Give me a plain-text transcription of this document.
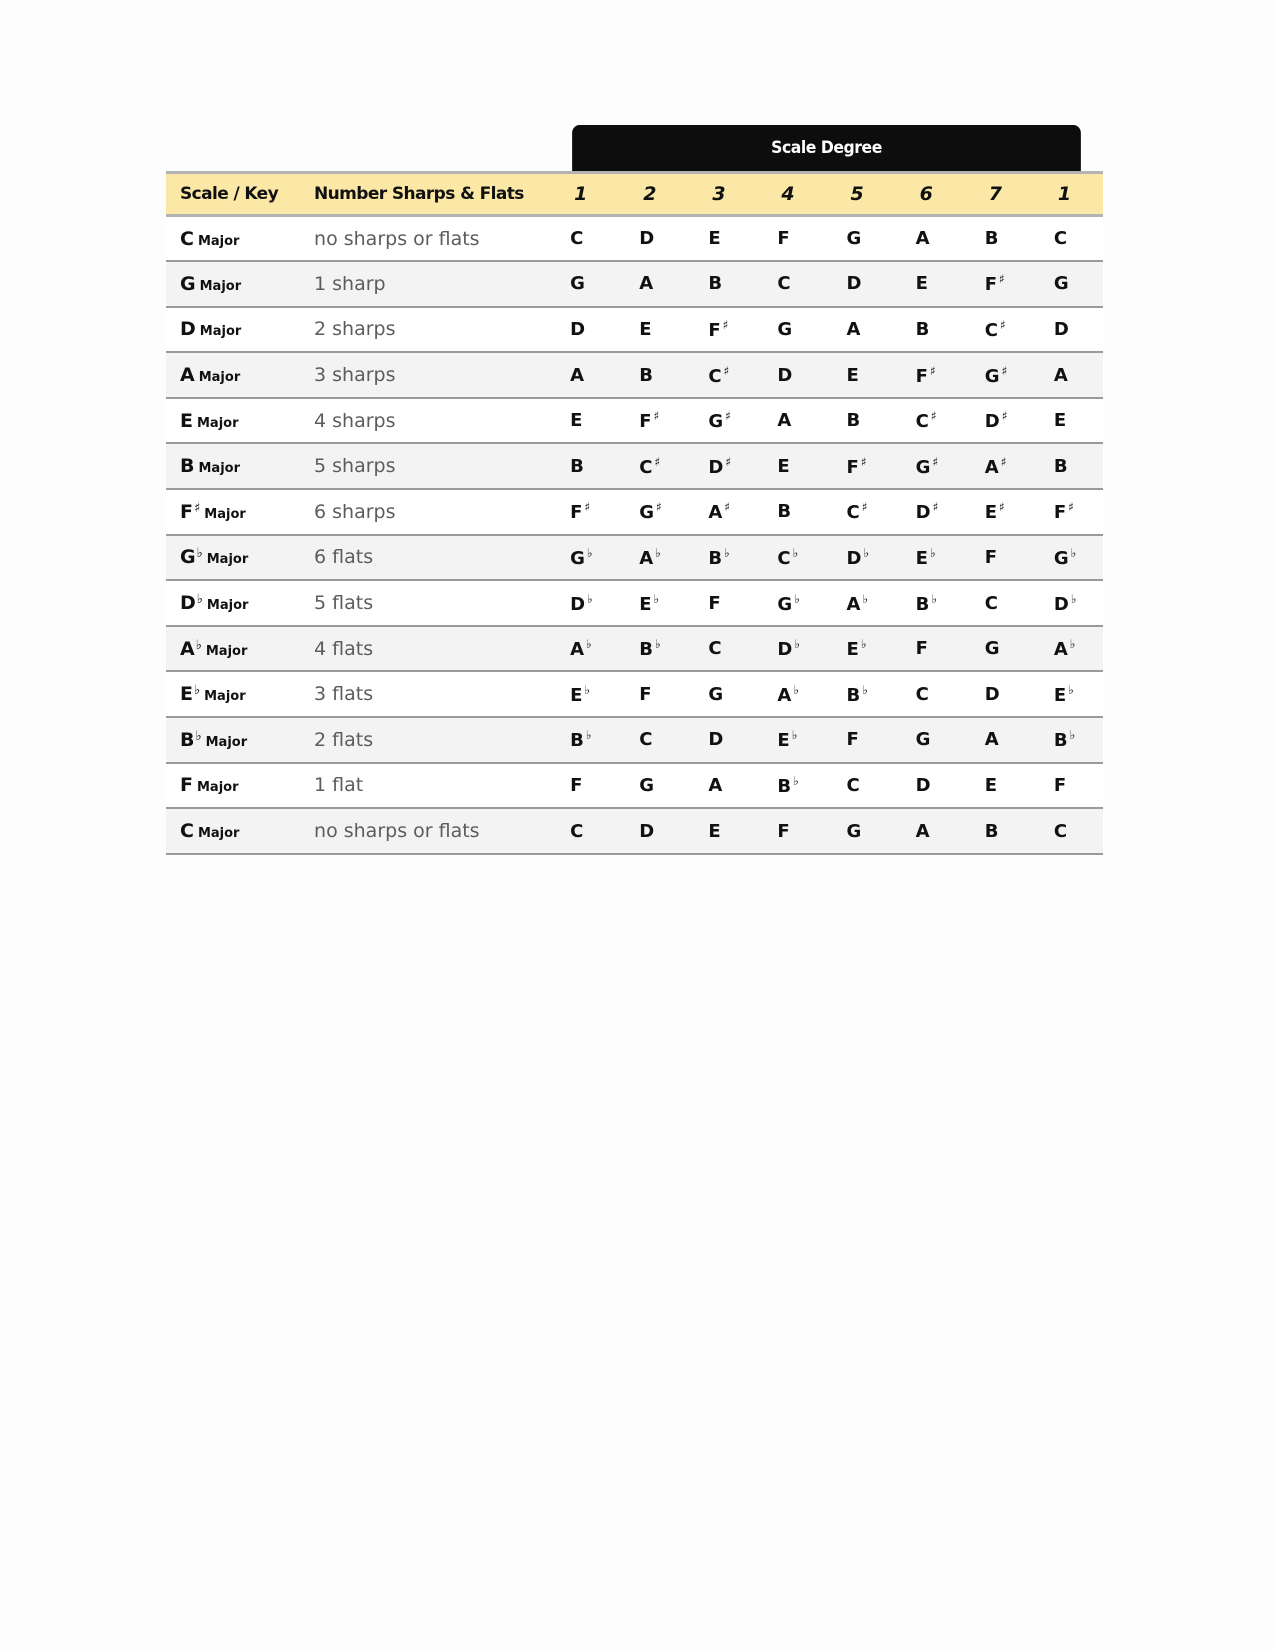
Scale Degree
Scale / Key	Number Sharps & Flats	1	2	3	4	5	6	7	1
C Major	no sharps or flats	C	D	E	F	G	A	B	C
G Major	1 sharp	G	A	B	C	D	E	F ♯	G
D Major	2 sharps	D	E	F ♯	G	A	B	C ♯	D
A Major	3 sharps	A	B	C ♯	D	E	F ♯	G ♯	A
E Major	4 sharps	E	F ♯	G ♯	A	B	C ♯	D ♯	E
B Major	5 sharps	B	C ♯	D ♯	E	F ♯	G ♯	A ♯	B
F♯ Major	6 sharps	F ♯	G ♯	A ♯	B	C ♯	D ♯	E ♯	F ♯
G♭ Major	6 flats	G ♭	A ♭	B ♭	C ♭	D ♭	E ♭	F	G ♭
D♭ Major	5 flats	D ♭	E ♭	F	G ♭	A ♭	B ♭	C	D ♭
A♭ Major	4 flats	A ♭	B ♭	C	D ♭	E ♭	F	G	A ♭
E♭ Major	3 flats	E ♭	F	G	A ♭	B ♭	C	D	E ♭
B♭ Major	2 flats	B ♭	C	D	E ♭	F	G	A	B ♭
F Major	1 flat	F	G	A	B ♭	C	D	E	F
C Major	no sharps or flats	C	D	E	F	G	A	B	C
